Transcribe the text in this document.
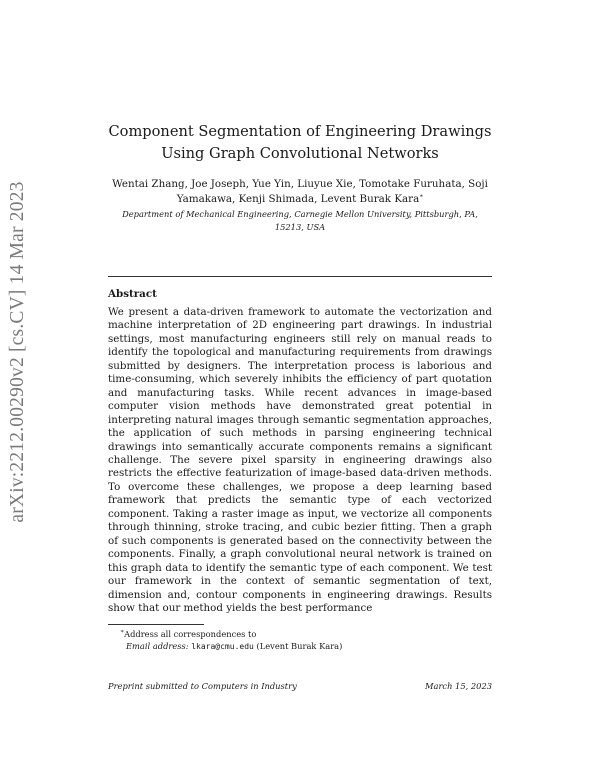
arXiv:2212.00290v2 [cs.CV] 14 Mar 2023
Component Segmentation of Engineering Drawings
Using Graph Convolutional Networks
Wentai Zhang, Joe Joseph, Yue Yin, Liuyue Xie, Tomotake Furuhata, Soji
Yamakawa, Kenji Shimada, Levent Burak Kara∗
Department of Mechanical Engineering, Carnegie Mellon University, Pittsburgh, PA, 15213, USA
Abstract

We present a data-driven framework to automate the vectorization and machine interpretation of 2D engineering part drawings. In industrial settings, most manufacturing engineers still rely on manual reads to identify the topological and manufacturing requirements from drawings submitted by designers. The interpretation process is laborious and time-consuming, which severely inhibits the efficiency of part quotation and manufacturing tasks. While recent advances in image-based computer vision methods have demonstrated great potential in interpreting natural images through semantic segmentation approaches, the application of such methods in parsing engineering technical drawings into semantically accurate components remains a significant challenge. The severe pixel sparsity in engineering drawings also restricts the effective featurization of image-based data-driven methods. To overcome these challenges, we propose a deep learning based framework that predicts the semantic type of each vectorized component. Taking a raster image as input, we vectorize all components through thinning, stroke tracing, and cubic bezier fitting. Then a graph of such components is generated based on the connectivity between the components. Finally, a graph convolutional neural network is trained on this graph data to identify the semantic type of each component. We test our framework in the context of semantic segmentation of text, dimension and, contour components in engineering drawings. Results show that our method yields the best performance

∗Address all correspondences to
Email address: lkara@cmu.edu (Levent Burak Kara)
Preprint submitted to Computers in Industry	March 15, 2023
